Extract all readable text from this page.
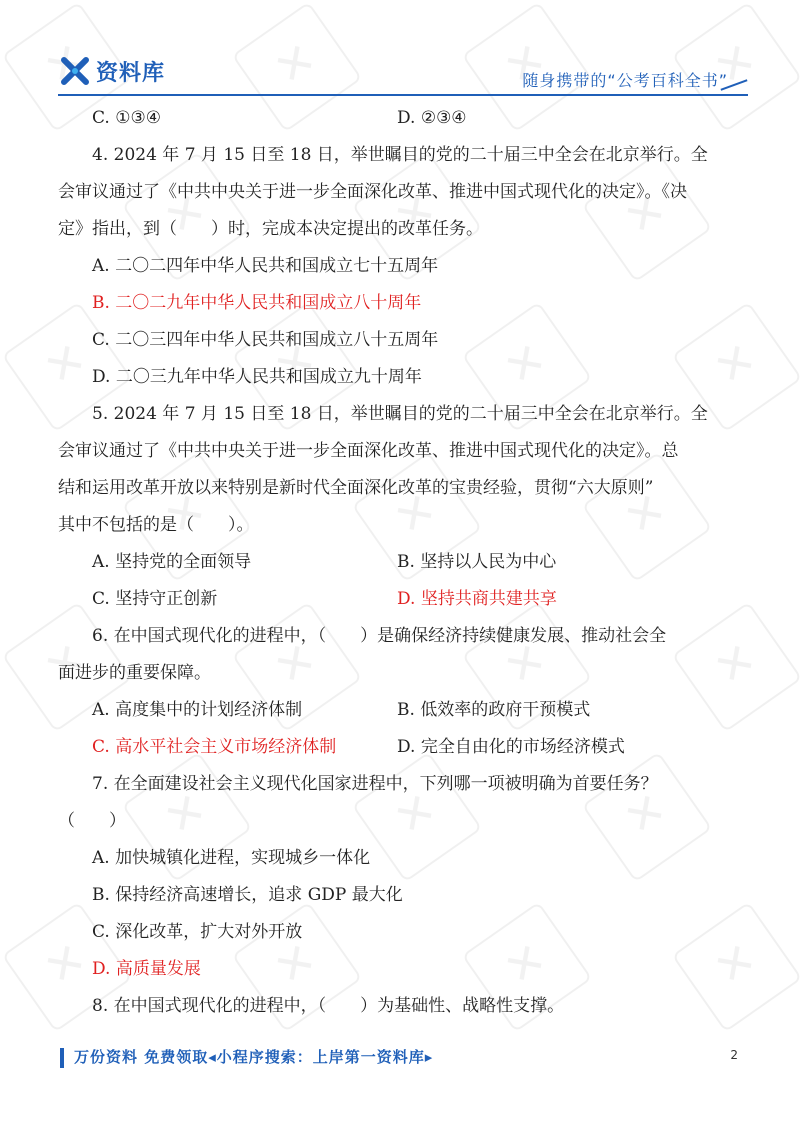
✕
✕
✕
✕
✕
✕
✕
✕
✕
✕
✕
✕
✕
✕
✕
✕
✕
✕
✕
✕
✕
✕
✕
✕
✕
资料库	随身携带的“公考百科全书”
C. ①③④	D. ②③④
4. 2024 年 7 月 15 日至 18 日，举世瞩目的党的二十届三中全会在北京举行。全
会审议通过了《中共中央关于进一步全面深化改革、推进中国式现代化的决定》。《决
定》指出，到（　　）时，完成本决定提出的改革任务。
A. 二〇二四年中华人民共和国成立七十五周年
B. 二〇二九年中华人民共和国成立八十周年
C. 二〇三四年中华人民共和国成立八十五周年
D. 二〇三九年中华人民共和国成立九十周年
5. 2024 年 7 月 15 日至 18 日，举世瞩目的党的二十届三中全会在北京举行。全
会审议通过了《中共中央关于进一步全面深化改革、推进中国式现代化的决定》。总
结和运用改革开放以来特别是新时代全面深化改革的宝贵经验，贯彻“六大原则”
其中不包括的是（　　）。
A. 坚持党的全面领导	B. 坚持以人民为中心
C. 坚持守正创新	D. 坚持共商共建共享
6. 在中国式现代化的进程中，（　　）是确保经济持续健康发展、推动社会全
面进步的重要保障。
A. 高度集中的计划经济体制	B. 低效率的政府干预模式
C. 高水平社会主义市场经济体制	D. 完全自由化的市场经济模式
7. 在全面建设社会主义现代化国家进程中，下列哪一项被明确为首要任务？
（　　）
A. 加快城镇化进程，实现城乡一体化
B. 保持经济高速增长，追求 GDP 最大化
C. 深化改革，扩大对外开放
D. 高质量发展
8. 在中国式现代化的进程中，（　　）为基础性、战略性支撑。
万份资料 免费领取◂小程序搜索：上岸第一资料库▸	2
